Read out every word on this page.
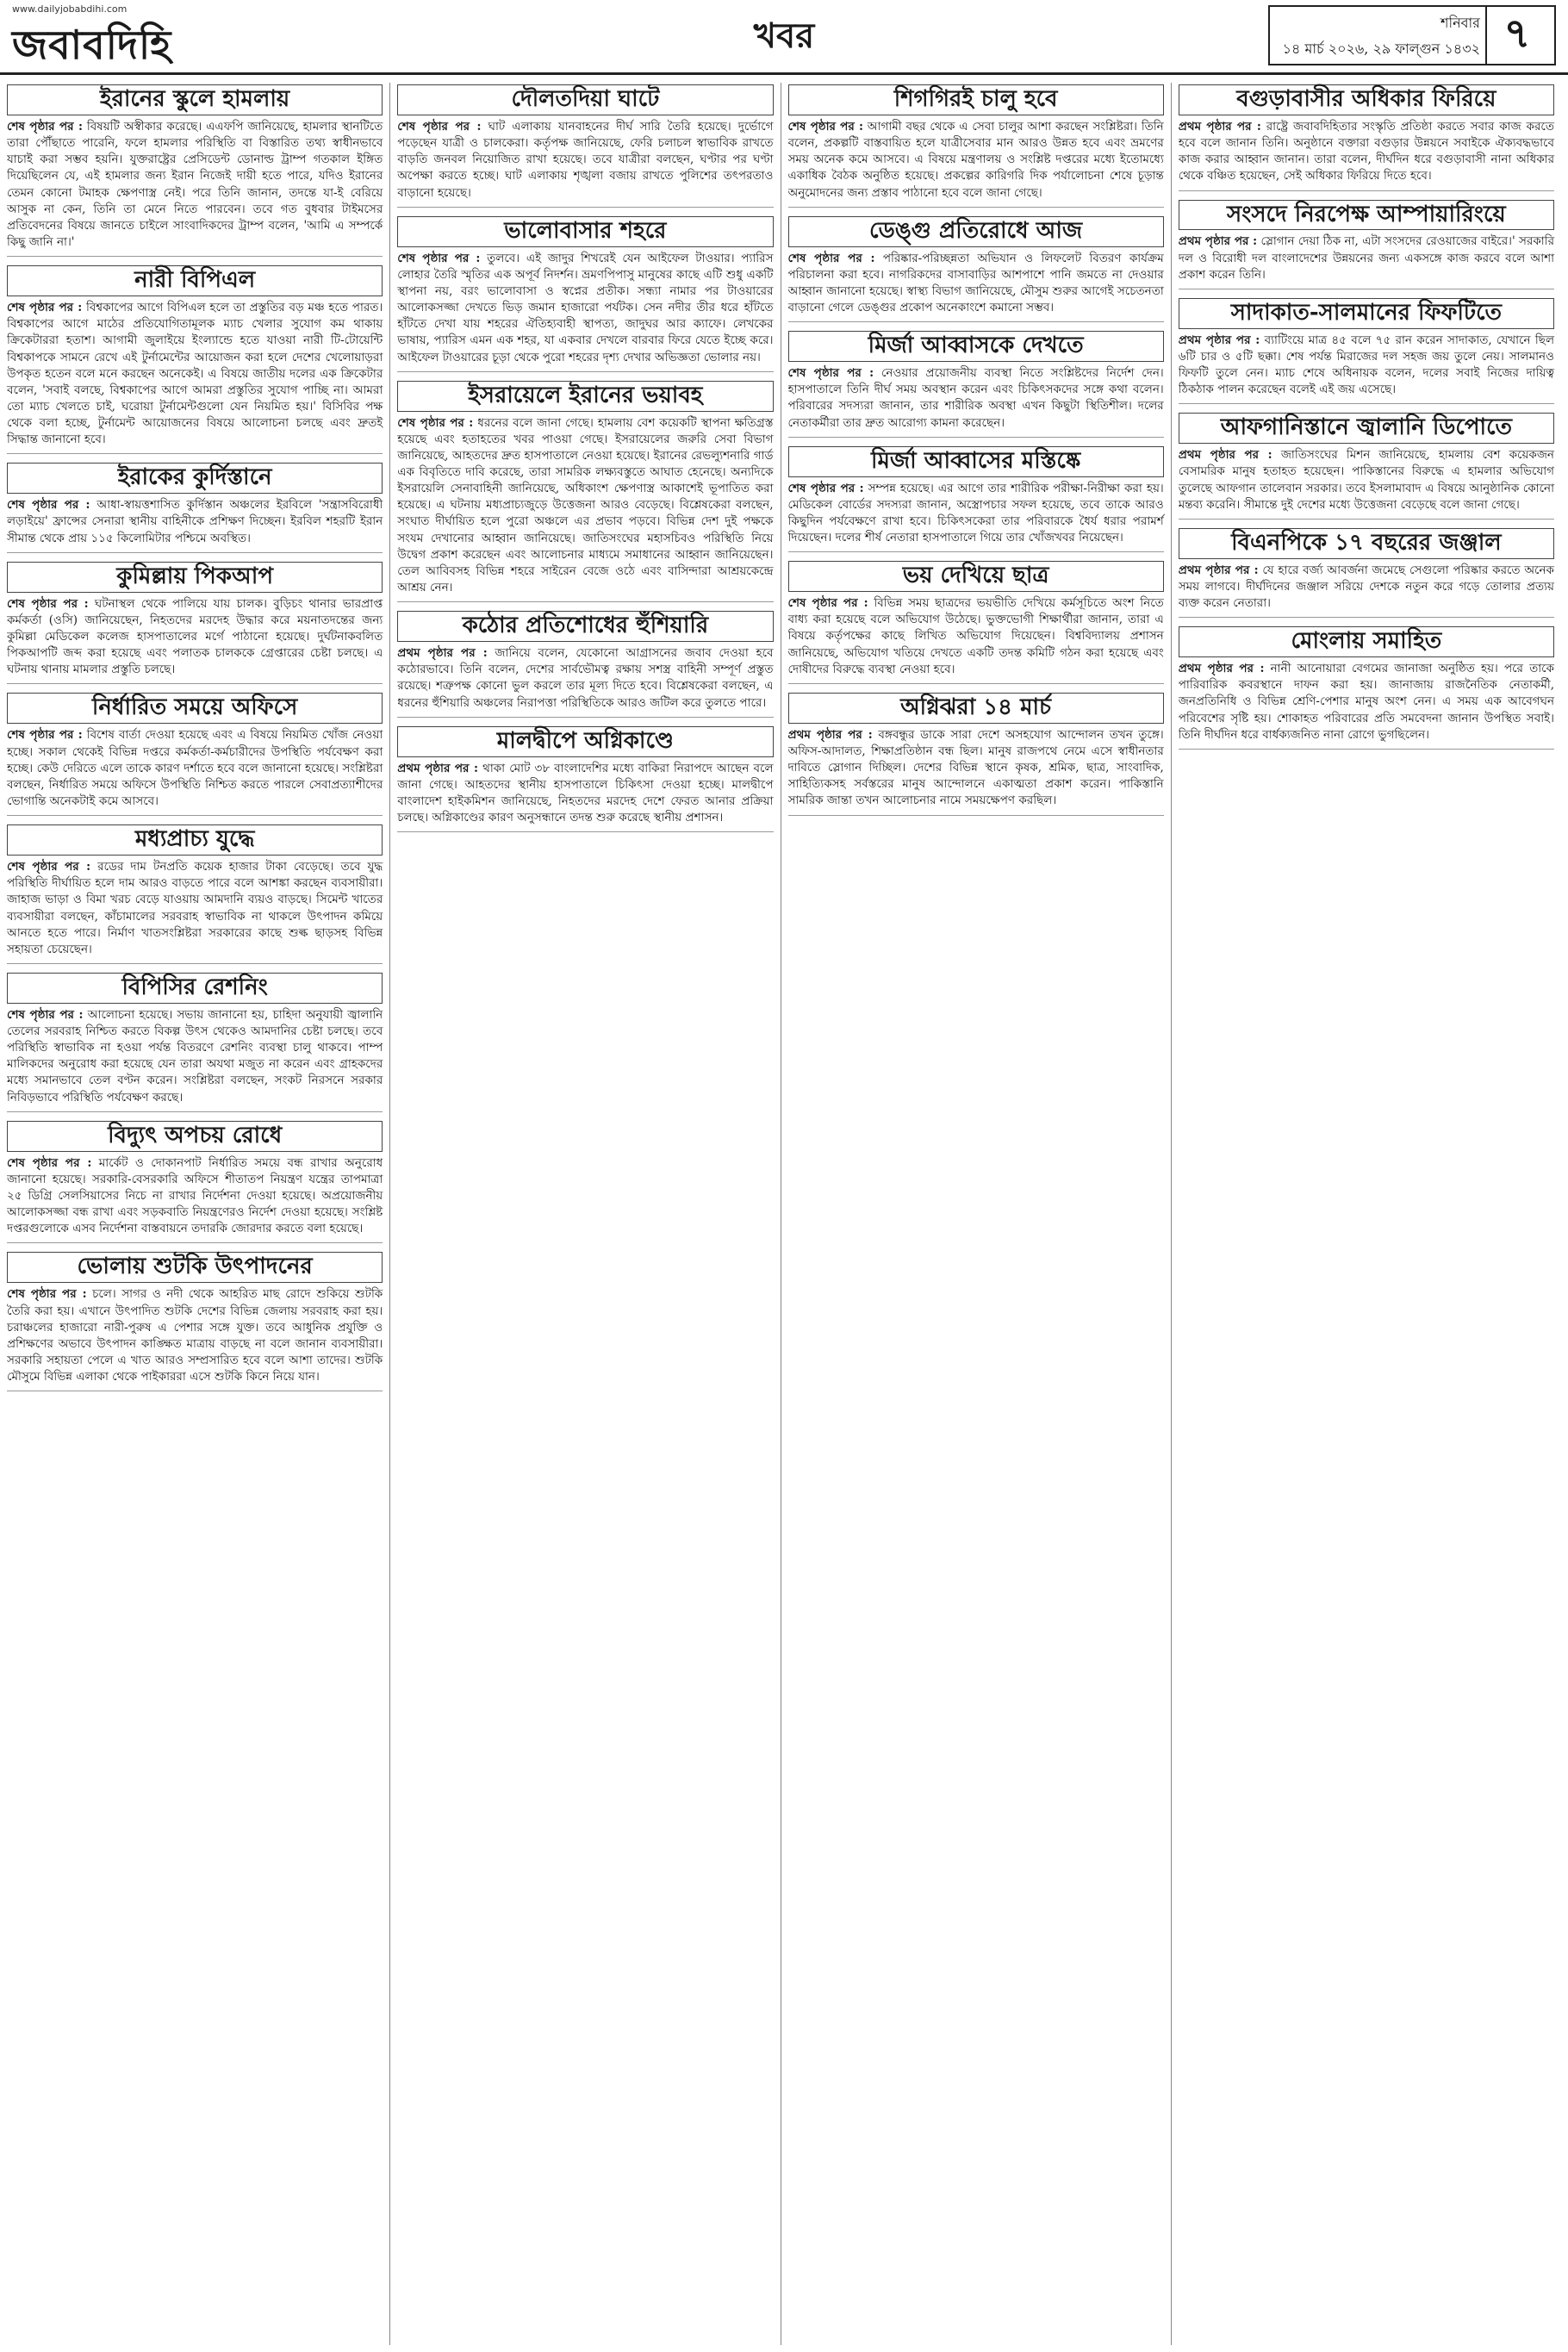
www.dailyjobabdihi.com
জবাবদিহি	খবর	শনিবার
১৪ মার্চ ২০২৬, ২৯ ফাল্গুন ১৪৩২ ৭
ইরানের স্কুলে হামলায়

শেষ পৃষ্ঠার পর : বিষয়টি অস্বীকার করেছে। এএফপি জানিয়েছে, হামলার স্থানটিতে তারা পৌঁছাতে পারেনি, ফলে হামলার পরিস্থিতি বা বিস্তারিত তথ্য স্বাধীনভাবে যাচাই করা সম্ভব হয়নি। যুক্তরাষ্ট্রের প্রেসিডেন্ট ডোনাল্ড ট্রাম্প গতকাল ইঙ্গিত দিয়েছিলেন যে, এই হামলার জন্য ইরান নিজেই দায়ী হতে পারে, যদিও ইরানের তেমন কোনো টমাহক ক্ষেপণাস্ত্র নেই। পরে তিনি জানান, তদন্তে যা-ই বেরিয়ে আসুক না কেন, তিনি তা মেনে নিতে পারবেন। তবে গত বুধবার টাইমসের প্রতিবেদনের বিষয়ে জানতে চাইলে সাংবাদিকদের ট্রাম্প বলেন, 'আমি এ সম্পর্কে কিছু জানি না।'

নারী বিপিএল

শেষ পৃষ্ঠার পর : বিশ্বকাপের আগে বিপিএল হলে তা প্রস্তুতির বড় মঞ্চ হতে পারত। বিশ্বকাপের আগে মাঠের প্রতিযোগিতামূলক ম্যাচ খেলার সুযোগ কম থাকায় ক্রিকেটাররা হতাশ। আগামী জুলাইয়ে ইংল্যান্ডে হতে যাওয়া নারী টি-টোয়েন্টি বিশ্বকাপকে সামনে রেখে এই টুর্নামেন্টের আয়োজন করা হলে দেশের খেলোয়াড়রা উপকৃত হতেন বলে মনে করছেন অনেকেই। এ বিষয়ে জাতীয় দলের এক ক্রিকেটার বলেন, 'সবাই বলছে, বিশ্বকাপের আগে আমরা প্রস্তুতির সুযোগ পাচ্ছি না। আমরা তো ম্যাচ খেলতে চাই, ঘরোয়া টুর্নামেন্টগুলো যেন নিয়মিত হয়।' বিসিবির পক্ষ থেকে বলা হচ্ছে, টুর্নামেন্ট আয়োজনের বিষয়ে আলোচনা চলছে এবং দ্রুতই সিদ্ধান্ত জানানো হবে।

ইরাকের কুর্দিস্তানে

শেষ পৃষ্ঠার পর : আধা-স্বায়ত্তশাসিত কুর্দিস্তান অঞ্চলের ইরবিলে 'সন্ত্রাসবিরোধী লড়াইয়ে' ফ্রান্সের সেনারা স্থানীয় বাহিনীকে প্রশিক্ষণ দিচ্ছেন। ইরবিল শহরটি ইরান সীমান্ত থেকে প্রায় ১১৫ কিলোমিটার পশ্চিমে অবস্থিত।

কুমিল্লায় পিকআপ

শেষ পৃষ্ঠার পর : ঘটনাস্থল থেকে পালিয়ে যায় চালক। বুড়িচং থানার ভারপ্রাপ্ত কর্মকর্তা (ওসি) জানিয়েছেন, নিহতদের মরদেহ উদ্ধার করে ময়নাতদন্তের জন্য কুমিল্লা মেডিকেল কলেজ হাসপাতালের মর্গে পাঠানো হয়েছে। দুর্ঘটনাকবলিত পিকআপটি জব্দ করা হয়েছে এবং পলাতক চালককে গ্রেপ্তারের চেষ্টা চলছে। এ ঘটনায় থানায় মামলার প্রস্তুতি চলছে।

নির্ধারিত সময়ে অফিসে

শেষ পৃষ্ঠার পর : বিশেষ বার্তা দেওয়া হয়েছে এবং এ বিষয়ে নিয়মিত খোঁজ নেওয়া হচ্ছে। সকাল থেকেই বিভিন্ন দপ্তরে কর্মকর্তা-কর্মচারীদের উপস্থিতি পর্যবেক্ষণ করা হচ্ছে। কেউ দেরিতে এলে তাকে কারণ দর্শাতে হবে বলে জানানো হয়েছে। সংশ্লিষ্টরা বলছেন, নির্ধারিত সময়ে অফিসে উপস্থিতি নিশ্চিত করতে পারলে সেবাপ্রত্যাশীদের ভোগান্তি অনেকটাই কমে আসবে।

মধ্যপ্রাচ্য যুদ্ধে

শেষ পৃষ্ঠার পর : রডের দাম টনপ্রতি কয়েক হাজার টাকা বেড়েছে। তবে যুদ্ধ পরিস্থিতি দীর্ঘায়িত হলে দাম আরও বাড়তে পারে বলে আশঙ্কা করছেন ব্যবসায়ীরা। জাহাজ ভাড়া ও বিমা খরচ বেড়ে যাওয়ায় আমদানি ব্যয়ও বাড়ছে। সিমেন্ট খাতের ব্যবসায়ীরা বলছেন, কাঁচামালের সরবরাহ স্বাভাবিক না থাকলে উৎপাদন কমিয়ে আনতে হতে পারে। নির্মাণ খাতসংশ্লিষ্টরা সরকারের কাছে শুল্ক ছাড়সহ বিভিন্ন সহায়তা চেয়েছেন।

বিপিসির রেশনিং

শেষ পৃষ্ঠার পর : আলোচনা হয়েছে। সভায় জানানো হয়, চাহিদা অনুযায়ী জ্বালানি তেলের সরবরাহ নিশ্চিত করতে বিকল্প উৎস থেকেও আমদানির চেষ্টা চলছে। তবে পরিস্থিতি স্বাভাবিক না হওয়া পর্যন্ত বিতরণে রেশনিং ব্যবস্থা চালু থাকবে। পাম্প মালিকদের অনুরোধ করা হয়েছে যেন তারা অযথা মজুত না করেন এবং গ্রাহকদের মধ্যে সমানভাবে তেল বণ্টন করেন। সংশ্লিষ্টরা বলছেন, সংকট নিরসনে সরকার নিবিড়ভাবে পরিস্থিতি পর্যবেক্ষণ করছে।

বিদ্যুৎ অপচয় রোধে

শেষ পৃষ্ঠার পর : মার্কেট ও দোকানপাট নির্ধারিত সময়ে বন্ধ রাখার অনুরোধ জানানো হয়েছে। সরকারি-বেসরকারি অফিসে শীতাতপ নিয়ন্ত্রণ যন্ত্রের তাপমাত্রা ২৫ ডিগ্রি সেলসিয়াসের নিচে না রাখার নির্দেশনা দেওয়া হয়েছে। অপ্রয়োজনীয় আলোকসজ্জা বন্ধ রাখা এবং সড়কবাতি নিয়ন্ত্রণেরও নির্দেশ দেওয়া হয়েছে। সংশ্লিষ্ট দপ্তরগুলোকে এসব নির্দেশনা বাস্তবায়নে তদারকি জোরদার করতে বলা হয়েছে।

ভোলায় শুটকি উৎপাদনের

শেষ পৃষ্ঠার পর : চলে। সাগর ও নদী থেকে আহরিত মাছ রোদে শুকিয়ে শুটকি তৈরি করা হয়। এখানে উৎপাদিত শুটকি দেশের বিভিন্ন জেলায় সরবরাহ করা হয়। চরাঞ্চলের হাজারো নারী-পুরুষ এ পেশার সঙ্গে যুক্ত। তবে আধুনিক প্রযুক্তি ও প্রশিক্ষণের অভাবে উৎপাদন কাঙ্ক্ষিত মাত্রায় বাড়ছে না বলে জানান ব্যবসায়ীরা। সরকারি সহায়তা পেলে এ খাত আরও সম্প্রসারিত হবে বলে আশা তাদের। শুটকি মৌসুমে বিভিন্ন এলাকা থেকে পাইকাররা এসে শুটকি কিনে নিয়ে যান।

দৌলতদিয়া ঘাটে

শেষ পৃষ্ঠার পর : ঘাট এলাকায় যানবাহনের দীর্ঘ সারি তৈরি হয়েছে। দুর্ভোগে পড়েছেন যাত্রী ও চালকেরা। কর্তৃপক্ষ জানিয়েছে, ফেরি চলাচল স্বাভাবিক রাখতে বাড়তি জনবল নিয়োজিত রাখা হয়েছে। তবে যাত্রীরা বলছেন, ঘণ্টার পর ঘণ্টা অপেক্ষা করতে হচ্ছে। ঘাট এলাকায় শৃঙ্খলা বজায় রাখতে পুলিশের তৎপরতাও বাড়ানো হয়েছে।

ভালোবাসার শহরে

শেষ পৃষ্ঠার পর : তুলবে। এই জাদুর শিখরেই যেন আইফেল টাওয়ার। প্যারিস লোহার তৈরি স্মৃতির এক অপূর্ব নিদর্শন। ভ্রমণপিপাসু মানুষের কাছে এটি শুধু একটি স্থাপনা নয়, বরং ভালোবাসা ও স্বপ্নের প্রতীক। সন্ধ্যা নামার পর টাওয়ারের আলোকসজ্জা দেখতে ভিড় জমান হাজারো পর্যটক। সেন নদীর তীর ধরে হাঁটতে হাঁটতে দেখা যায় শহরের ঐতিহ্যবাহী স্থাপত্য, জাদুঘর আর ক্যাফে। লেখকের ভাষায়, প্যারিস এমন এক শহর, যা একবার দেখলে বারবার ফিরে যেতে ইচ্ছে করে। আইফেল টাওয়ারের চূড়া থেকে পুরো শহরের দৃশ্য দেখার অভিজ্ঞতা ভোলার নয়।

ইসরায়েলে ইরানের ভয়াবহ

শেষ পৃষ্ঠার পর : ধরনের বলে জানা গেছে। হামলায় বেশ কয়েকটি স্থাপনা ক্ষতিগ্রস্ত হয়েছে এবং হতাহতের খবর পাওয়া গেছে। ইসরায়েলের জরুরি সেবা বিভাগ জানিয়েছে, আহতদের দ্রুত হাসপাতালে নেওয়া হয়েছে। ইরানের রেভল্যুশনারি গার্ড এক বিবৃতিতে দাবি করেছে, তারা সামরিক লক্ষ্যবস্তুতে আঘাত হেনেছে। অন্যদিকে ইসরায়েলি সেনাবাহিনী জানিয়েছে, অধিকাংশ ক্ষেপণাস্ত্র আকাশেই ভূপাতিত করা হয়েছে। এ ঘটনায় মধ্যপ্রাচ্যজুড়ে উত্তেজনা আরও বেড়েছে। বিশ্লেষকেরা বলছেন, সংঘাত দীর্ঘায়িত হলে পুরো অঞ্চলে এর প্রভাব পড়বে। বিভিন্ন দেশ দুই পক্ষকে সংযম দেখানোর আহ্বান জানিয়েছে। জাতিসংঘের মহাসচিবও পরিস্থিতি নিয়ে উদ্বেগ প্রকাশ করেছেন এবং আলোচনার মাধ্যমে সমাধানের আহ্বান জানিয়েছেন। তেল আবিবসহ বিভিন্ন শহরে সাইরেন বেজে ওঠে এবং বাসিন্দারা আশ্রয়কেন্দ্রে আশ্রয় নেন।

কঠোর প্রতিশোধের হুঁশিয়ারি

প্রথম পৃষ্ঠার পর : জানিয়ে বলেন, যেকোনো আগ্রাসনের জবাব দেওয়া হবে কঠোরভাবে। তিনি বলেন, দেশের সার্বভৌমত্ব রক্ষায় সশস্ত্র বাহিনী সম্পূর্ণ প্রস্তুত রয়েছে। শত্রুপক্ষ কোনো ভুল করলে তার মূল্য দিতে হবে। বিশ্লেষকেরা বলছেন, এ ধরনের হুঁশিয়ারি অঞ্চলের নিরাপত্তা পরিস্থিতিকে আরও জটিল করে তুলতে পারে।

মালদ্বীপে অগ্নিকাণ্ডে

প্রথম পৃষ্ঠার পর : থাকা মোট ৩৮ বাংলাদেশির মধ্যে বাকিরা নিরাপদে আছেন বলে জানা গেছে। আহতদের স্থানীয় হাসপাতালে চিকিৎসা দেওয়া হচ্ছে। মালদ্বীপে বাংলাদেশ হাইকমিশন জানিয়েছে, নিহতদের মরদেহ দেশে ফেরত আনার প্রক্রিয়া চলছে। অগ্নিকাণ্ডের কারণ অনুসন্ধানে তদন্ত শুরু করেছে স্থানীয় প্রশাসন।

শিগগিরই চালু হবে

শেষ পৃষ্ঠার পর : আগামী বছর থেকে এ সেবা চালুর আশা করছেন সংশ্লিষ্টরা। তিনি বলেন, প্রকল্পটি বাস্তবায়িত হলে যাত্রীসেবার মান আরও উন্নত হবে এবং ভ্রমণের সময় অনেক কমে আসবে। এ বিষয়ে মন্ত্রণালয় ও সংশ্লিষ্ট দপ্তরের মধ্যে ইতোমধ্যে একাধিক বৈঠক অনুষ্ঠিত হয়েছে। প্রকল্পের কারিগরি দিক পর্যালোচনা শেষে চূড়ান্ত অনুমোদনের জন্য প্রস্তাব পাঠানো হবে বলে জানা গেছে।

ডেঙ্গু প্রতিরোধে আজ

শেষ পৃষ্ঠার পর : পরিষ্কার-পরিচ্ছন্নতা অভিযান ও লিফলেট বিতরণ কার্যক্রম পরিচালনা করা হবে। নাগরিকদের বাসাবাড়ির আশপাশে পানি জমতে না দেওয়ার আহ্বান জানানো হয়েছে। স্বাস্থ্য বিভাগ জানিয়েছে, মৌসুম শুরুর আগেই সচেতনতা বাড়ানো গেলে ডেঙ্গুর প্রকোপ অনেকাংশে কমানো সম্ভব।

মির্জা আব্বাসকে দেখতে

শেষ পৃষ্ঠার পর : নেওয়ার প্রয়োজনীয় ব্যবস্থা নিতে সংশ্লিষ্টদের নির্দেশ দেন। হাসপাতালে তিনি দীর্ঘ সময় অবস্থান করেন এবং চিকিৎসকদের সঙ্গে কথা বলেন। পরিবারের সদস্যরা জানান, তার শারীরিক অবস্থা এখন কিছুটা স্থিতিশীল। দলের নেতাকর্মীরা তার দ্রুত আরোগ্য কামনা করেছেন।

মির্জা আব্বাসের মস্তিষ্কে

শেষ পৃষ্ঠার পর : সম্পন্ন হয়েছে। এর আগে তার শারীরিক পরীক্ষা-নিরীক্ষা করা হয়। মেডিকেল বোর্ডের সদস্যরা জানান, অস্ত্রোপচার সফল হয়েছে, তবে তাকে আরও কিছুদিন পর্যবেক্ষণে রাখা হবে। চিকিৎসকেরা তার পরিবারকে ধৈর্য ধরার পরামর্শ দিয়েছেন। দলের শীর্ষ নেতারা হাসপাতালে গিয়ে তার খোঁজখবর নিয়েছেন।

ভয় দেখিয়ে ছাত্র

শেষ পৃষ্ঠার পর : বিভিন্ন সময় ছাত্রদের ভয়ভীতি দেখিয়ে কর্মসূচিতে অংশ নিতে বাধ্য করা হয়েছে বলে অভিযোগ উঠেছে। ভুক্তভোগী শিক্ষার্থীরা জানান, তারা এ বিষয়ে কর্তৃপক্ষের কাছে লিখিত অভিযোগ দিয়েছেন। বিশ্ববিদ্যালয় প্রশাসন জানিয়েছে, অভিযোগ খতিয়ে দেখতে একটি তদন্ত কমিটি গঠন করা হয়েছে এবং দোষীদের বিরুদ্ধে ব্যবস্থা নেওয়া হবে।

অগ্নিঝরা ১৪ মার্চ

প্রথম পৃষ্ঠার পর : বঙ্গবন্ধুর ডাকে সারা দেশে অসহযোগ আন্দোলন তখন তুঙ্গে। অফিস-আদালত, শিক্ষাপ্রতিষ্ঠান বন্ধ ছিল। মানুষ রাজপথে নেমে এসে স্বাধীনতার দাবিতে স্লোগান দিচ্ছিল। দেশের বিভিন্ন স্থানে কৃষক, শ্রমিক, ছাত্র, সাংবাদিক, সাহিত্যিকসহ সর্বস্তরের মানুষ আন্দোলনে একাত্মতা প্রকাশ করেন। পাকিস্তানি সামরিক জান্তা তখন আলোচনার নামে সময়ক্ষেপণ করছিল।

বগুড়াবাসীর অধিকার ফিরিয়ে

প্রথম পৃষ্ঠার পর : রাষ্ট্রে জবাবদিহিতার সংস্কৃতি প্রতিষ্ঠা করতে সবার কাজ করতে হবে বলে জানান তিনি। অনুষ্ঠানে বক্তারা বগুড়ার উন্নয়নে সবাইকে ঐক্যবদ্ধভাবে কাজ করার আহ্বান জানান। তারা বলেন, দীর্ঘদিন ধরে বগুড়াবাসী নানা অধিকার থেকে বঞ্চিত হয়েছেন, সেই অধিকার ফিরিয়ে দিতে হবে।

সংসদে নিরপেক্ষ আম্পায়ারিংয়ে

প্রথম পৃষ্ঠার পর : স্লোগান দেয়া ঠিক না, এটা সংসদের রেওয়াজের বাইরে।' সরকারি দল ও বিরোধী দল বাংলাদেশের উন্নয়নের জন্য একসঙ্গে কাজ করবে বলে আশা প্রকাশ করেন তিনি।

সাদাকাত-সালমানের ফিফটিতে

প্রথম পৃষ্ঠার পর : ব্যাটিংয়ে মাত্র ৪৫ বলে ৭৫ রান করেন সাদাকাত, যেখানে ছিল ৬টি চার ও ৫টি ছক্কা। শেষ পর্যন্ত মিরাজের দল সহজ জয় তুলে নেয়। সালমানও ফিফটি তুলে নেন। ম্যাচ শেষে অধিনায়ক বলেন, দলের সবাই নিজের দায়িত্ব ঠিকঠাক পালন করেছেন বলেই এই জয় এসেছে।

আফগানিস্তানে জ্বালানি ডিপোতে

প্রথম পৃষ্ঠার পর : জাতিসংঘের মিশন জানিয়েছে, হামলায় বেশ কয়েকজন বেসামরিক মানুষ হতাহত হয়েছেন। পাকিস্তানের বিরুদ্ধে এ হামলার অভিযোগ তুলেছে আফগান তালেবান সরকার। তবে ইসলামাবাদ এ বিষয়ে আনুষ্ঠানিক কোনো মন্তব্য করেনি। সীমান্তে দুই দেশের মধ্যে উত্তেজনা বেড়েছে বলে জানা গেছে।

বিএনপিকে ১৭ বছরের জঞ্জাল

প্রথম পৃষ্ঠার পর : যে হারে বর্জ্য আবর্জনা জমেছে সেগুলো পরিষ্কার করতে অনেক সময় লাগবে। দীর্ঘদিনের জঞ্জাল সরিয়ে দেশকে নতুন করে গড়ে তোলার প্রত্যয় ব্যক্ত করেন নেতারা।

মোংলায় সমাহিত

প্রথম পৃষ্ঠার পর : নানী আনোয়ারা বেগমের জানাজা অনুষ্ঠিত হয়। পরে তাকে পারিবারিক কবরস্থানে দাফন করা হয়। জানাজায় রাজনৈতিক নেতাকর্মী, জনপ্রতিনিধি ও বিভিন্ন শ্রেণি-পেশার মানুষ অংশ নেন। এ সময় এক আবেগঘন পরিবেশের সৃষ্টি হয়। শোকাহত পরিবারের প্রতি সমবেদনা জানান উপস্থিত সবাই। তিনি দীর্ঘদিন ধরে বার্ধক্যজনিত নানা রোগে ভুগছিলেন।
